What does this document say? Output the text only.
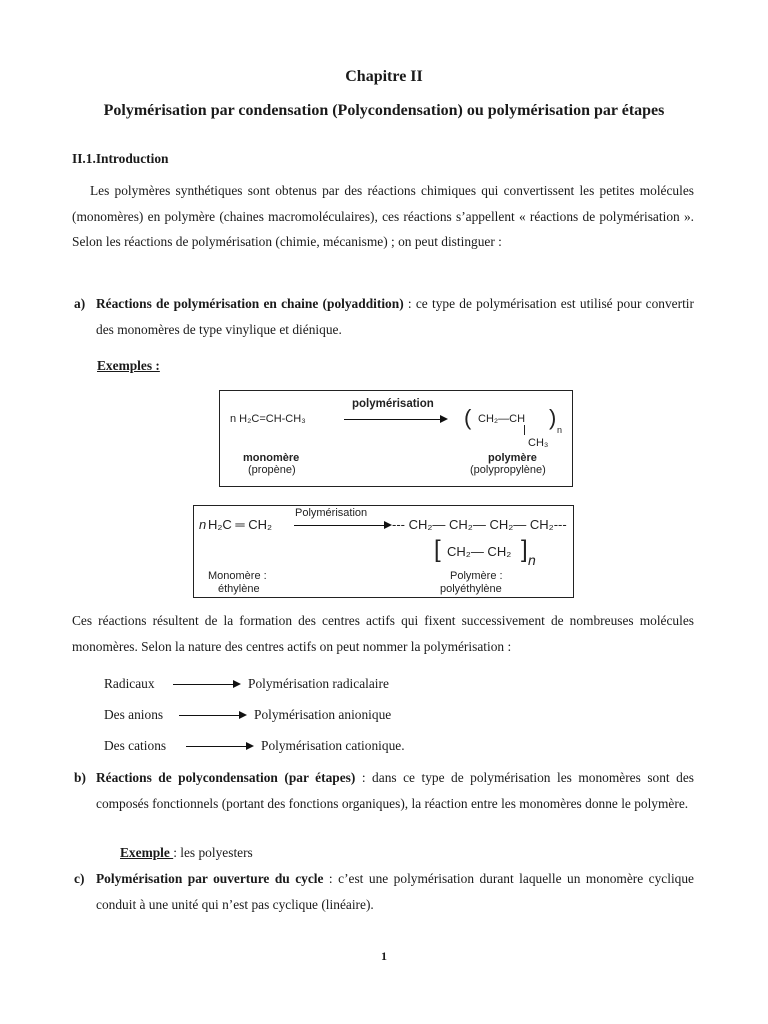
Chapitre II
Polymérisation par condensation (Polycondensation) ou polymérisation par étapes
II.1.Introduction
Les polymères synthétiques sont obtenus par des réactions chimiques qui convertissent les petites molécules (monomères) en polymère (chaines macromoléculaires), ces réactions s’appellent « réactions de polymérisation ». Selon les réactions de polymérisation (chimie, mécanisme) ; on peut distinguer :
a) Réactions de polymérisation en chaine (polyaddition) : ce type de polymérisation est utilisé pour convertir des monomères de type vinylique et diénique.
Exemples :
n H₂C=CH-CH₃
polymérisation
( CH₂—CH ) n
CH₃
monomère
(propène)
polymère
(polypropylène)
n H₂C ═ CH₂
Polymérisation
--- CH₂— CH₂— CH₂— CH₂---
[ CH₂— CH₂ ] n
Monomère :
éthylène
Polymère :
polyéthylène
Ces réactions résultent de la formation des centres actifs qui fixent successivement de nombreuses molécules monomères. Selon la nature des centres actifs on peut nommer la polymérisation :
Radicaux	Polymérisation radicalaire
Des anions	Polymérisation anionique
Des cations	Polymérisation cationique.
b) Réactions de polycondensation (par étapes) : dans ce type de polymérisation les monomères sont des composés fonctionnels (portant des fonctions organiques), la réaction entre les monomères donne le polymère.
Exemple : les polyesters
c) Polymérisation par ouverture du cycle : c’est une polymérisation durant laquelle un monomère cyclique conduit à une unité qui n’est pas cyclique (linéaire).
1
